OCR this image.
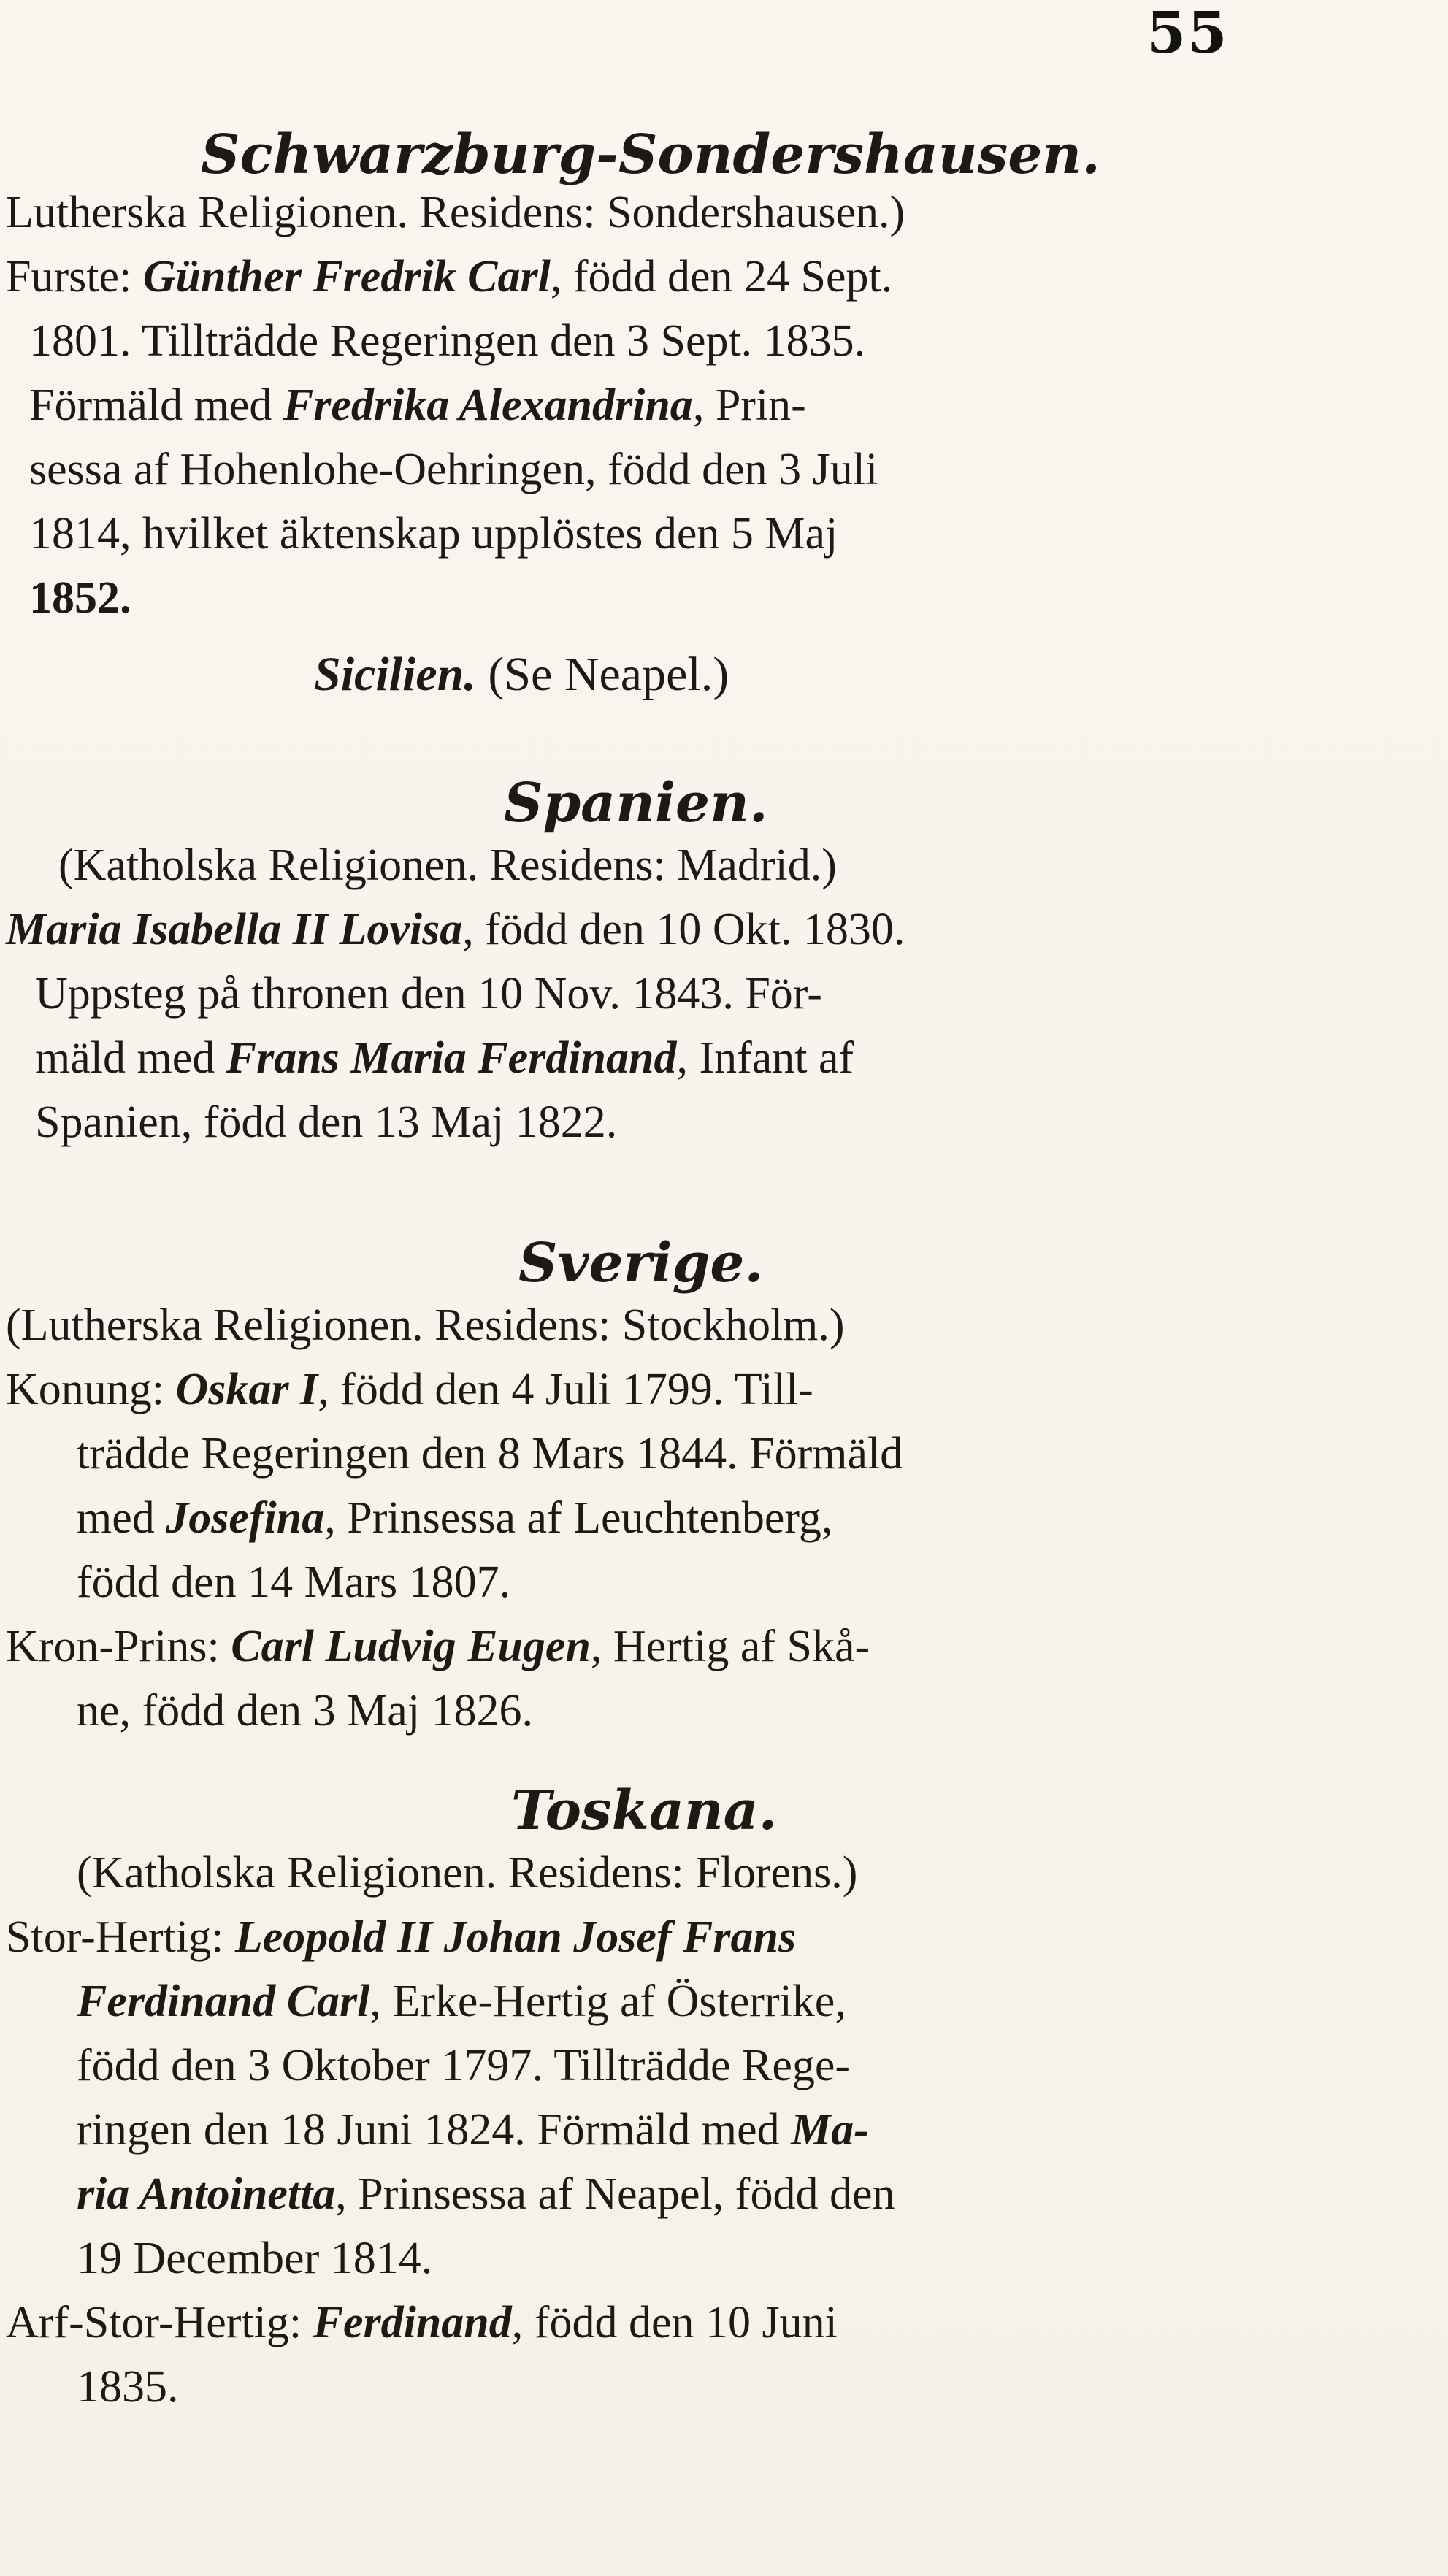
55
Schwarzburg-Sondershausen.
Lutherska Religionen. Residens: Sondershausen.)
Furste: Günther Fredrik Carl, född den 24 Sept.
1801. Tillträdde Regeringen den 3 Sept. 1835.
Förmäld med Fredrika Alexandrina, Prin-
sessa af Hohenlohe-Oehringen, född den 3 Juli
1814, hvilket äktenskap upplöstes den 5 Maj
1852.
Sicilien. (Se Neapel.)
Spanien.
(Katholska Religionen. Residens: Madrid.)
Maria Isabella II Lovisa, född den 10 Okt. 1830.
Uppsteg på thronen den 10 Nov. 1843. För-
mäld med Frans Maria Ferdinand, Infant af
Spanien, född den 13 Maj 1822.
Sverige.
(Lutherska Religionen. Residens: Stockholm.)
Konung: Oskar I, född den 4 Juli 1799. Till-
trädde Regeringen den 8 Mars 1844. Förmäld
med Josefina, Prinsessa af Leuchtenberg,
född den 14 Mars 1807.
Kron-Prins: Carl Ludvig Eugen, Hertig af Skå-
ne, född den 3 Maj 1826.
Toskana.
(Katholska Religionen. Residens: Florens.)
Stor-Hertig: Leopold II Johan Josef Frans
Ferdinand Carl, Erke-Hertig af Österrike,
född den 3 Oktober 1797. Tillträdde Rege-
ringen den 18 Juni 1824. Förmäld med Ma-
ria Antoinetta, Prinsessa af Neapel, född den
19 December 1814.
Arf-Stor-Hertig: Ferdinand, född den 10 Juni
1835.
